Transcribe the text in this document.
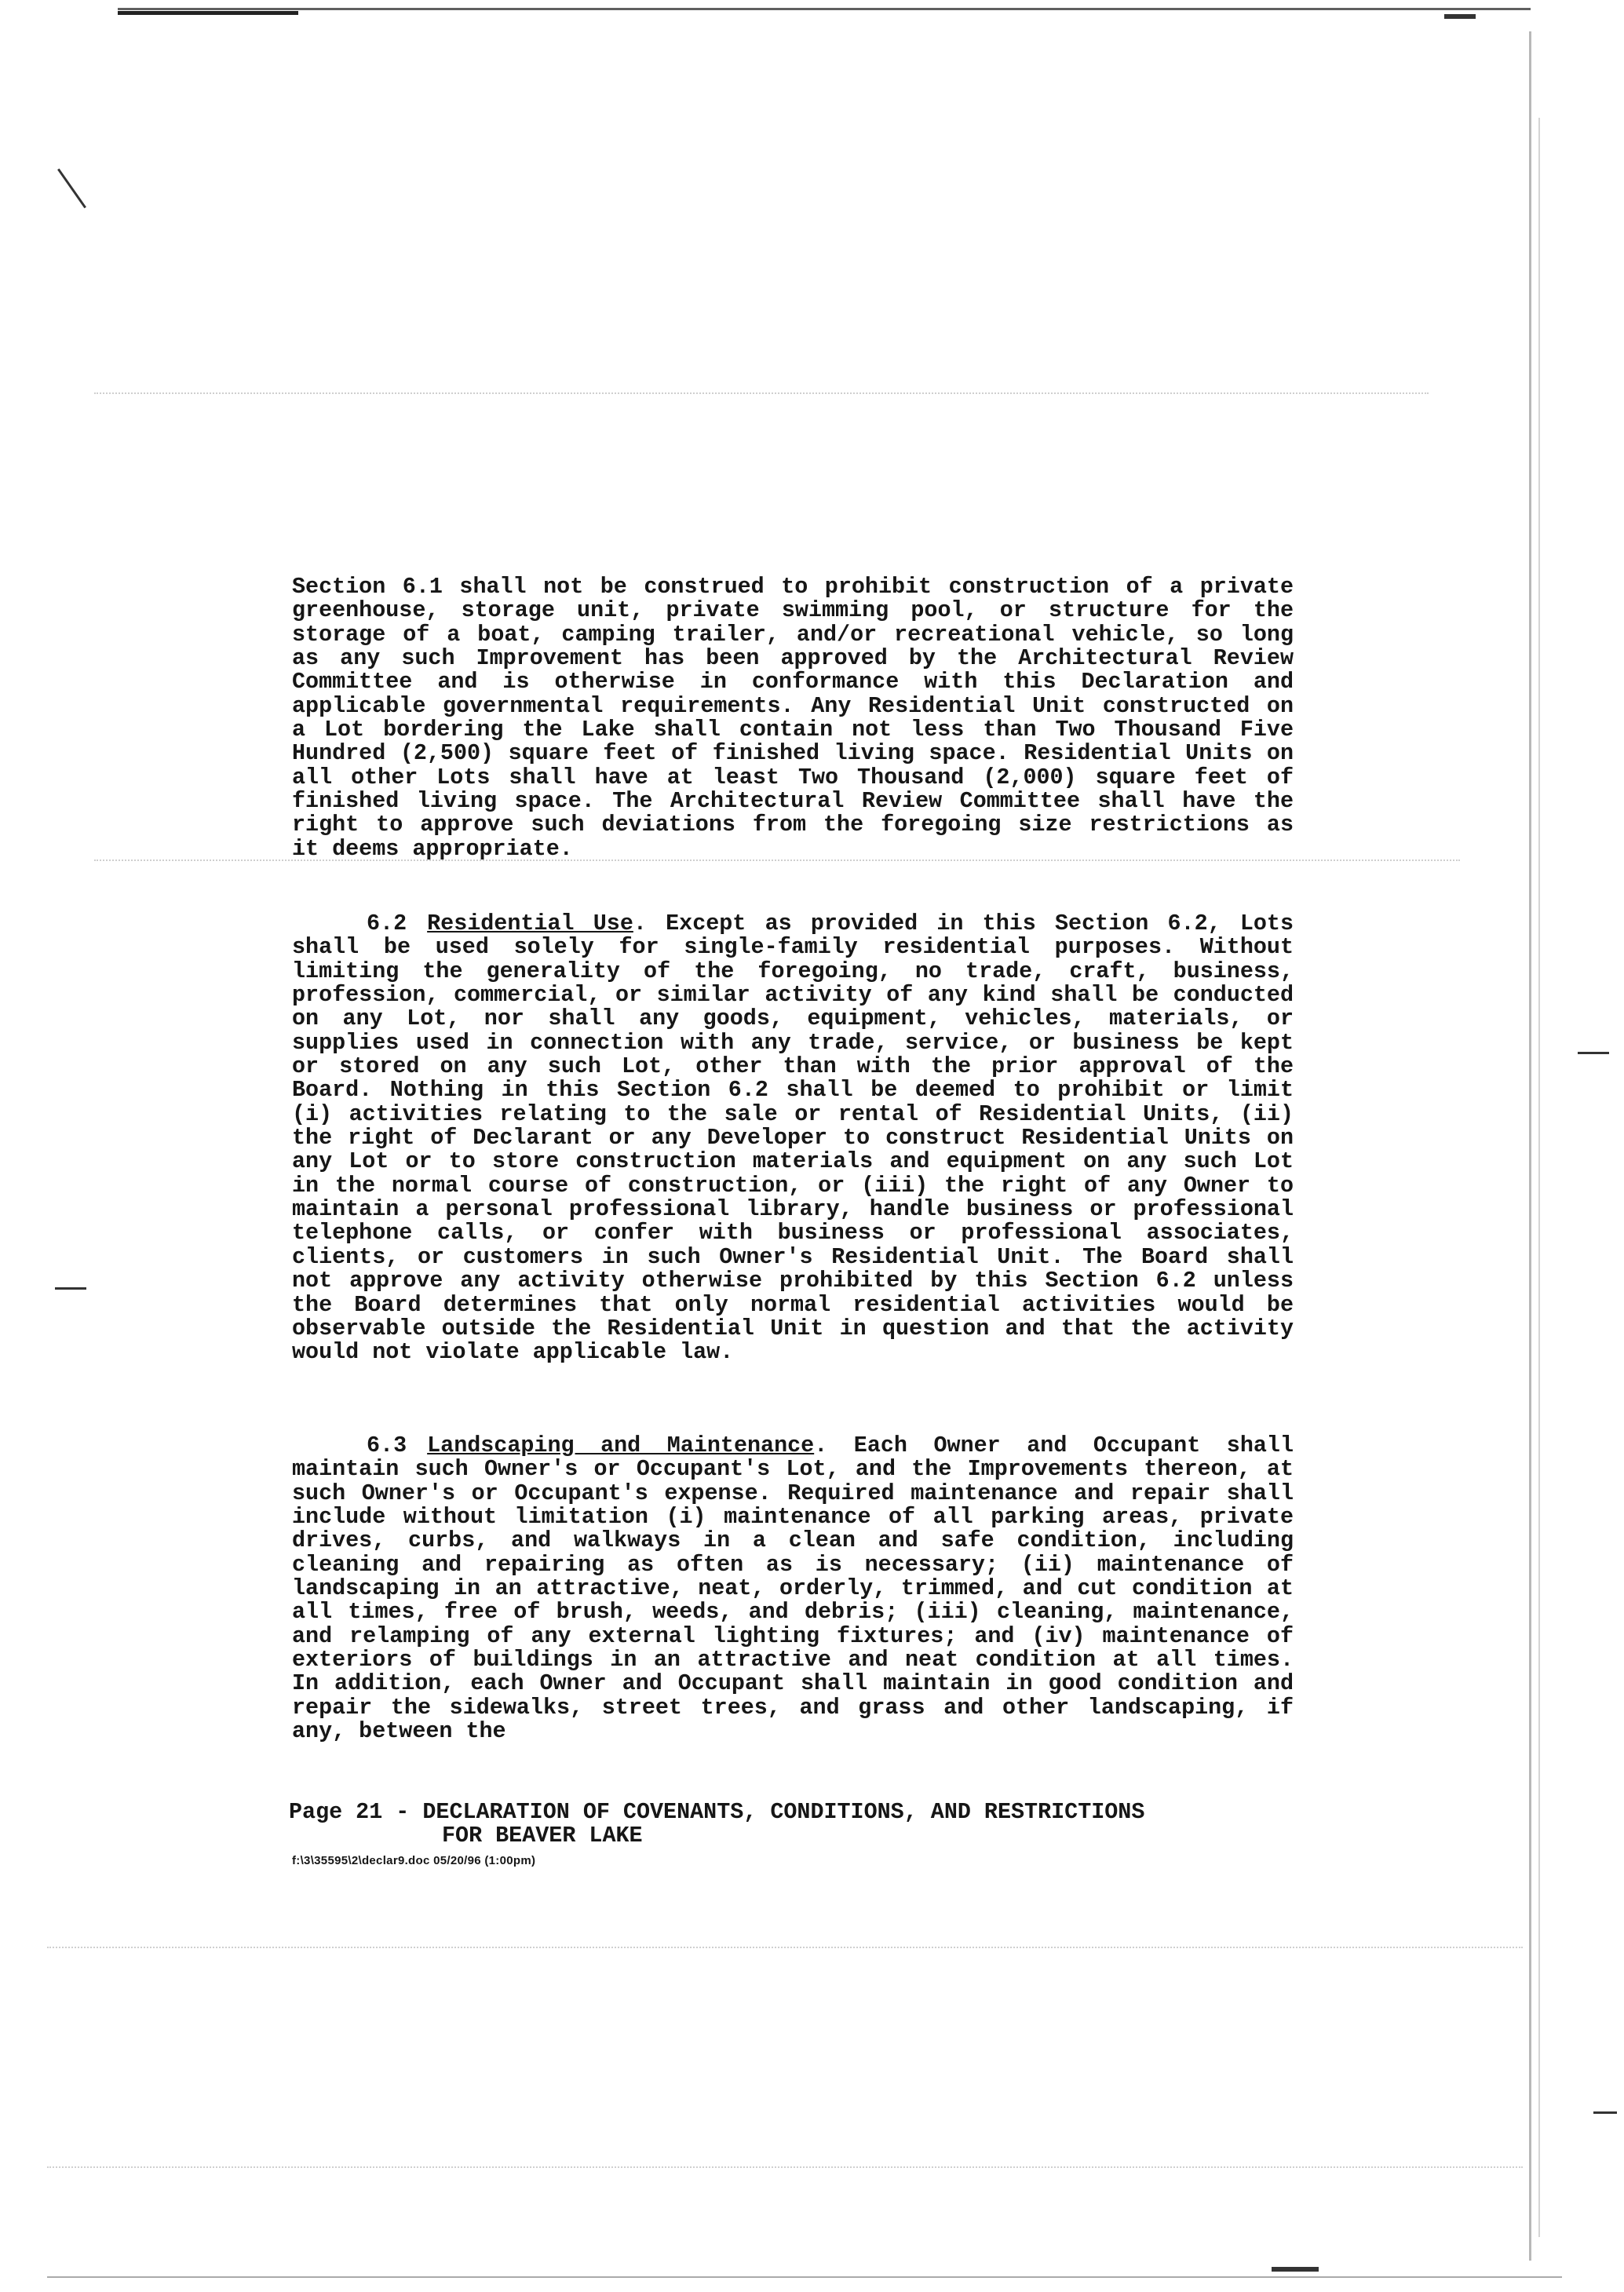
Section 6.1 shall not be construed to prohibit construction of a private greenhouse, storage unit, private swimming pool, or structure for the storage of a boat, camping trailer, and/or recreational vehicle, so long as any such Improvement has been approved by the Architectural Review Committee and is otherwise in conformance with this Declaration and applicable governmental requirements. Any Residential Unit constructed on a Lot bordering the Lake shall contain not less than Two Thousand Five Hundred (2,500) square feet of finished living space. Residential Units on all other Lots shall have at least Two Thousand (2,000) square feet of finished living space. The Architectural Review Committee shall have the right to approve such deviations from the foregoing size restrictions as it deems appropriate.

6.2 Residential Use. Except as provided in this Section 6.2, Lots shall be used solely for single-family residential purposes. Without limiting the generality of the foregoing, no trade, craft, business, profession, commercial, or similar activity of any kind shall be conducted on any Lot, nor shall any goods, equipment, vehicles, materials, or supplies used in connection with any trade, service, or business be kept or stored on any such Lot, other than with the prior approval of the Board. Nothing in this Section 6.2 shall be deemed to prohibit or limit (i) activities relating to the sale or rental of Residential Units, (ii) the right of Declarant or any Developer to construct Residential Units on any Lot or to store construction materials and equipment on any such Lot in the normal course of construction, or (iii) the right of any Owner to maintain a personal professional library, handle business or professional telephone calls, or confer with business or professional associates, clients, or customers in such Owner's Residential Unit. The Board shall not approve any activity otherwise prohibited by this Section 6.2 unless the Board determines that only normal residential activities would be observable outside the Residential Unit in question and that the activity would not violate applicable law.

6.3 Landscaping and Maintenance. Each Owner and Occupant shall maintain such Owner's or Occupant's Lot, and the Improvements thereon, at such Owner's or Occupant's expense. Required maintenance and repair shall include without limitation (i) maintenance of all parking areas, private drives, curbs, and walkways in a clean and safe condition, including cleaning and repairing as often as is necessary; (ii) maintenance of landscaping in an attractive, neat, orderly, trimmed, and cut condition at all times, free of brush, weeds, and debris; (iii) cleaning, maintenance, and relamping of any external lighting fixtures; and (iv) maintenance of exteriors of buildings in an attractive and neat condition at all times. In addition, each Owner and Occupant shall maintain in good condition and repair the sidewalks, street trees, and grass and other landscaping, if any, between the

Page 21 - DECLARATION OF COVENANTS, CONDITIONS, AND RESTRICTIONS
FOR BEAVER LAKE
f:\3\35595\2\declar9.doc 05/20/96 (1:00pm)
